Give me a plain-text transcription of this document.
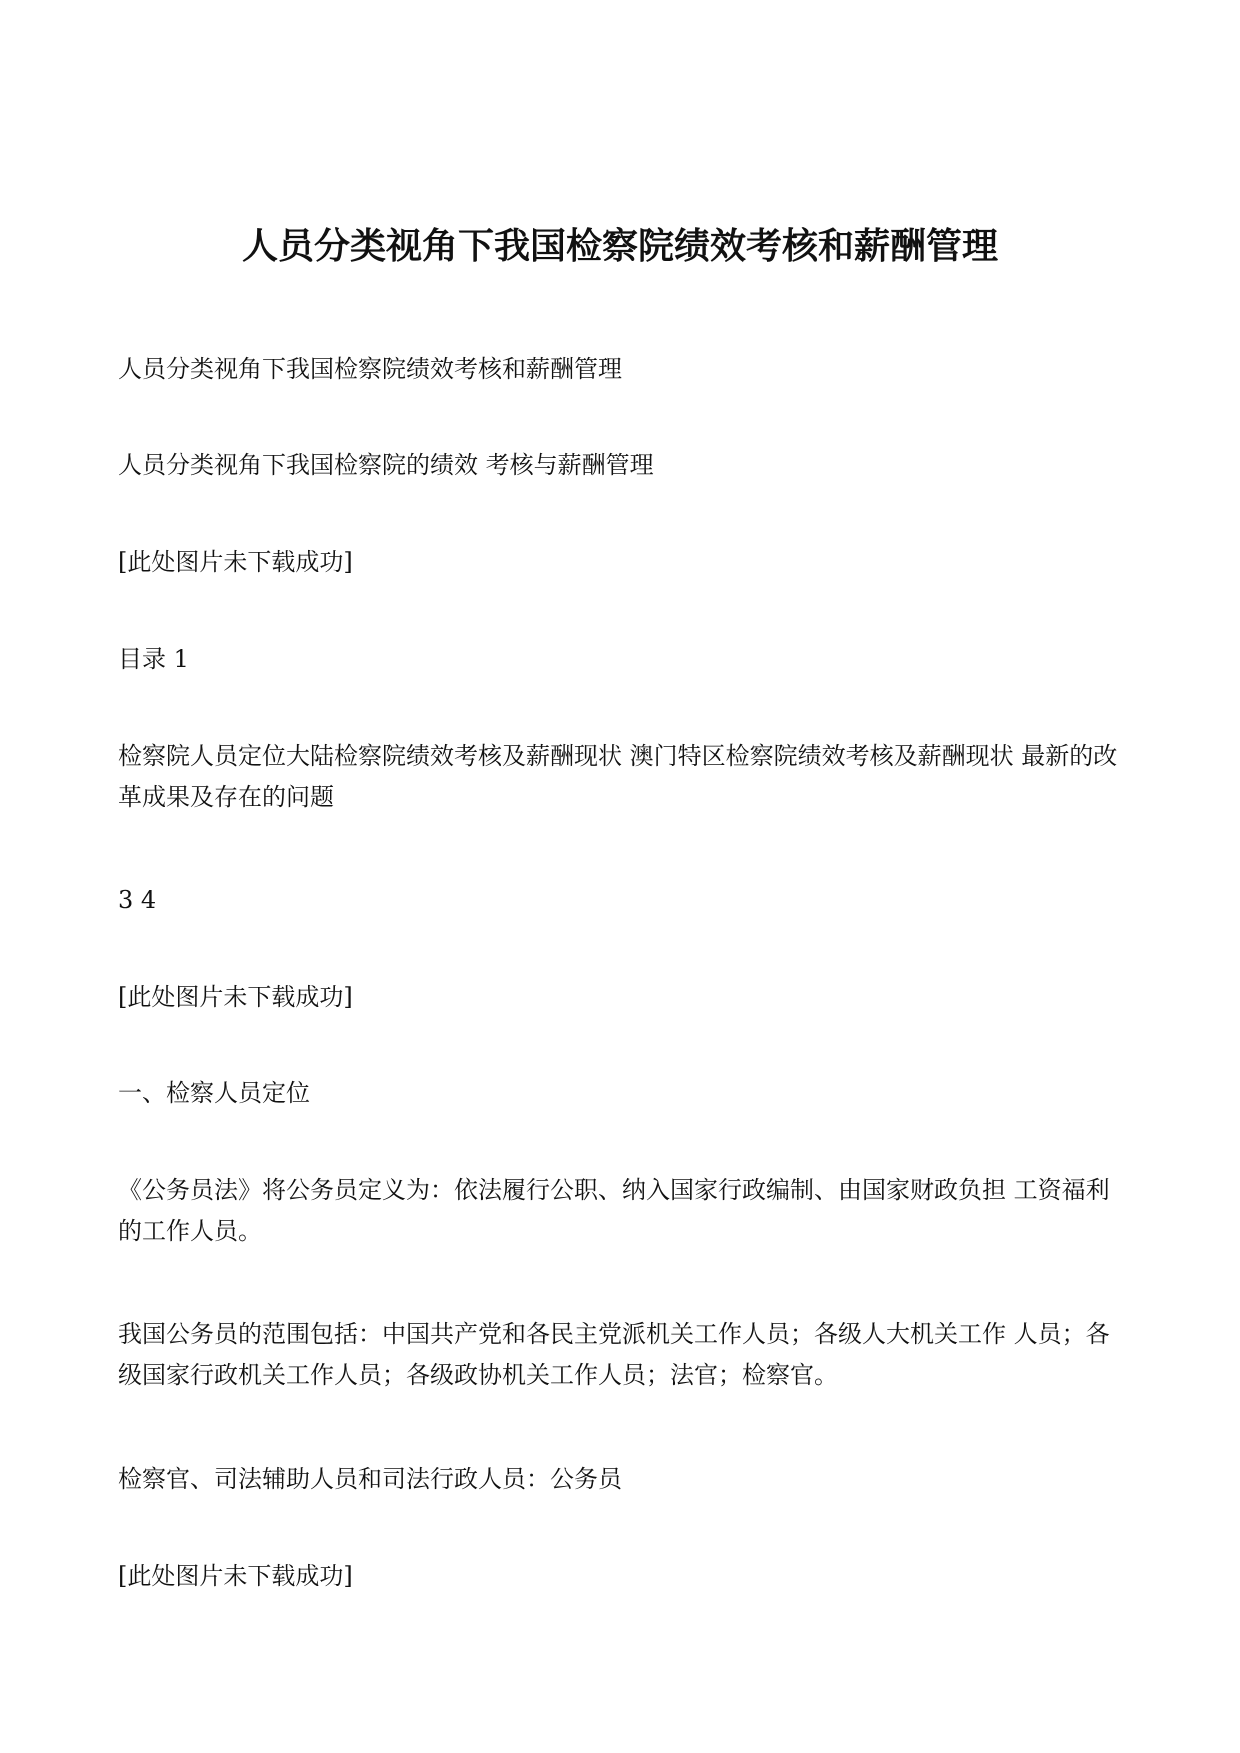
人员分类视角下我国检察院绩效考核和薪酬管理

人员分类视角下我国检察院绩效考核和薪酬管理

人员分类视角下我国检察院的绩效 考核与薪酬管理

[此处图片未下载成功]

目录 1

检察院人员定位大陆检察院绩效考核及薪酬现状 澳门特区检察院绩效考核及薪酬现状 最新的改革成果及存在的问题

3 4

[此处图片未下载成功]

一、检察人员定位

《公务员法》将公务员定义为：依法履行公职、纳入国家行政编制、由国家财政负担 工资福利的工作人员。

我国公务员的范围包括：中国共产党和各民主党派机关工作人员；各级人大机关工作 人员；各级国家行政机关工作人员；各级政协机关工作人员；法官；检察官。

检察官、司法辅助人员和司法行政人员：公务员

[此处图片未下载成功]
